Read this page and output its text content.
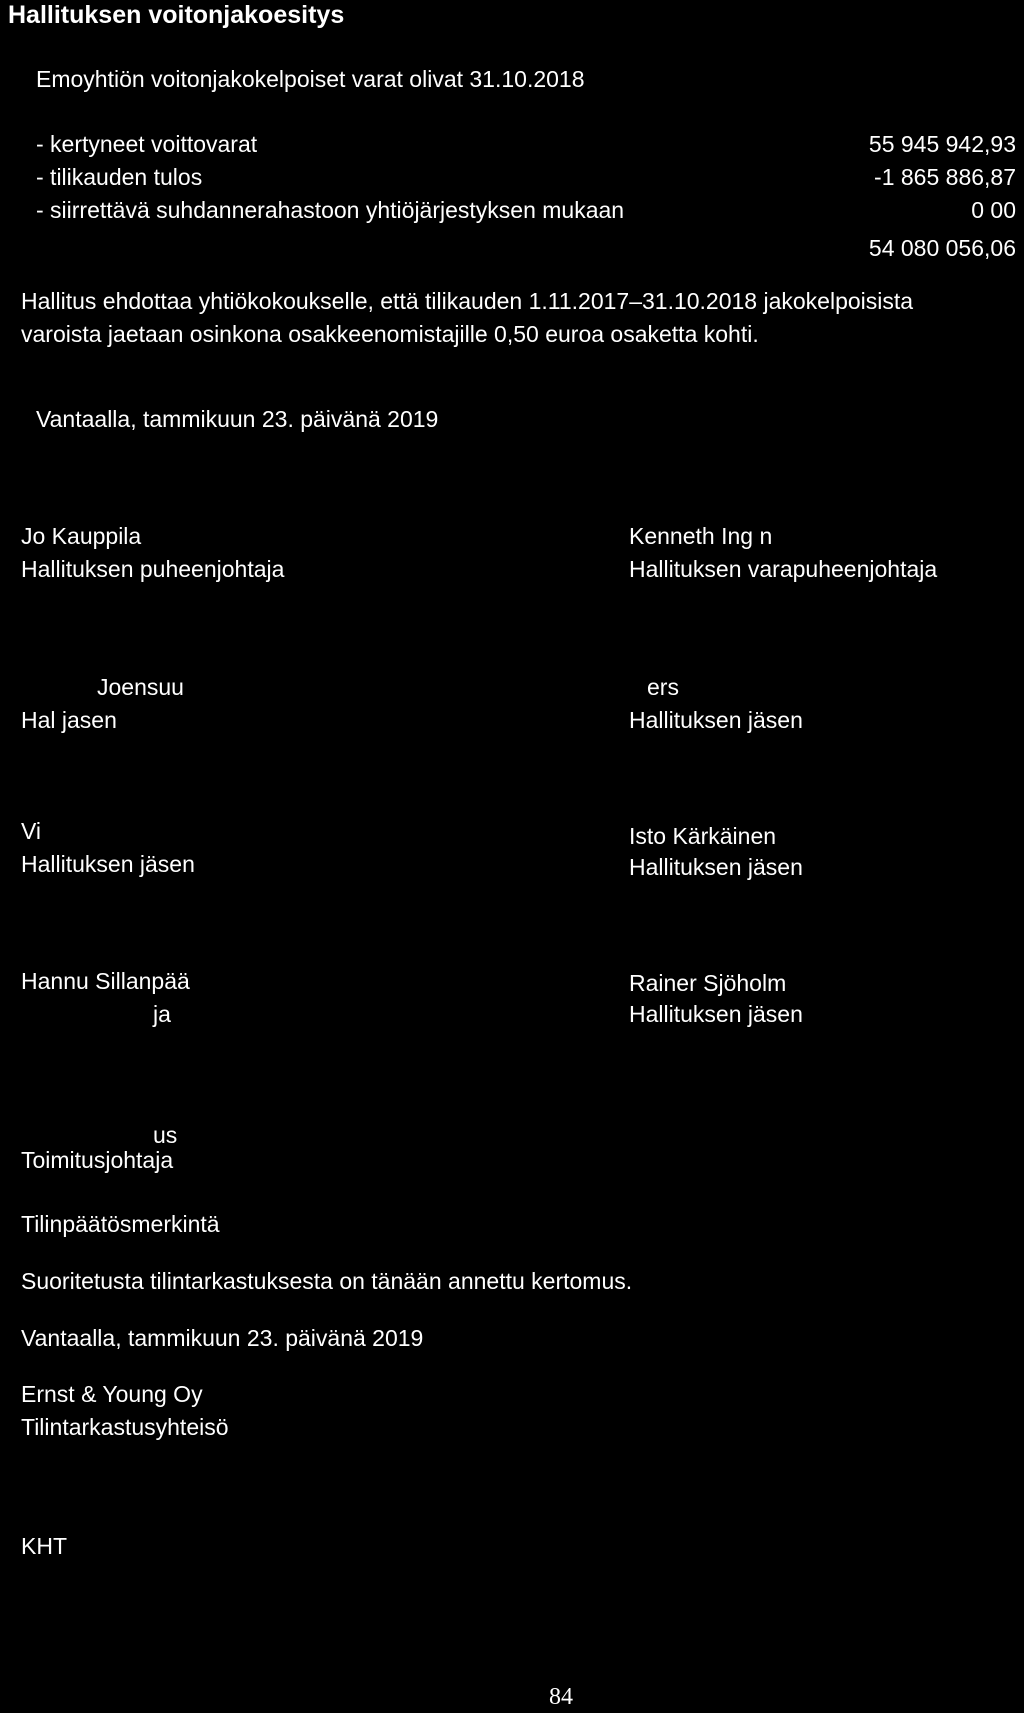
Hallituksen voitonjakoesitys
Emoyhtiön voitonjakokelpoiset varat olivat 31.10.2018
- kertyneet voittovarat	55 945 942,93
- tilikauden tulos	-1 865 886,87
- siirrettävä suhdannerahastoon yhtiöjärjestyksen mukaan	0 00
54 080 056,06
Hallitus ehdottaa yhtiökokoukselle, että tilikauden 1.11.2017–31.10.2018 jakokelpoisista
varoista jaetaan osinkona osakkeenomistajille 0,50 euroa osaketta kohti.
Vantaalla, tammikuun 23. päivänä 2019
Jo Kauppila
Hallituksen puheenjohtaja
Kenneth Ing n
Hallituksen varapuheenjohtaja
Joensuu
Hal jasen
ers
Hallituksen jäsen
Vi
Hallituksen jäsen
Isto Kärkäinen
Hallituksen jäsen
Hannu Sillanpää
ja
Rainer Sjöholm
Hallituksen jäsen
us
Toimitusjohtaja
Tilinpäätösmerkintä
Suoritetusta tilintarkastuksesta on tänään annettu kertomus.
Vantaalla, tammikuun 23. päivänä 2019
Ernst & Young Oy
Tilintarkastusyhteisö
KHT
84
